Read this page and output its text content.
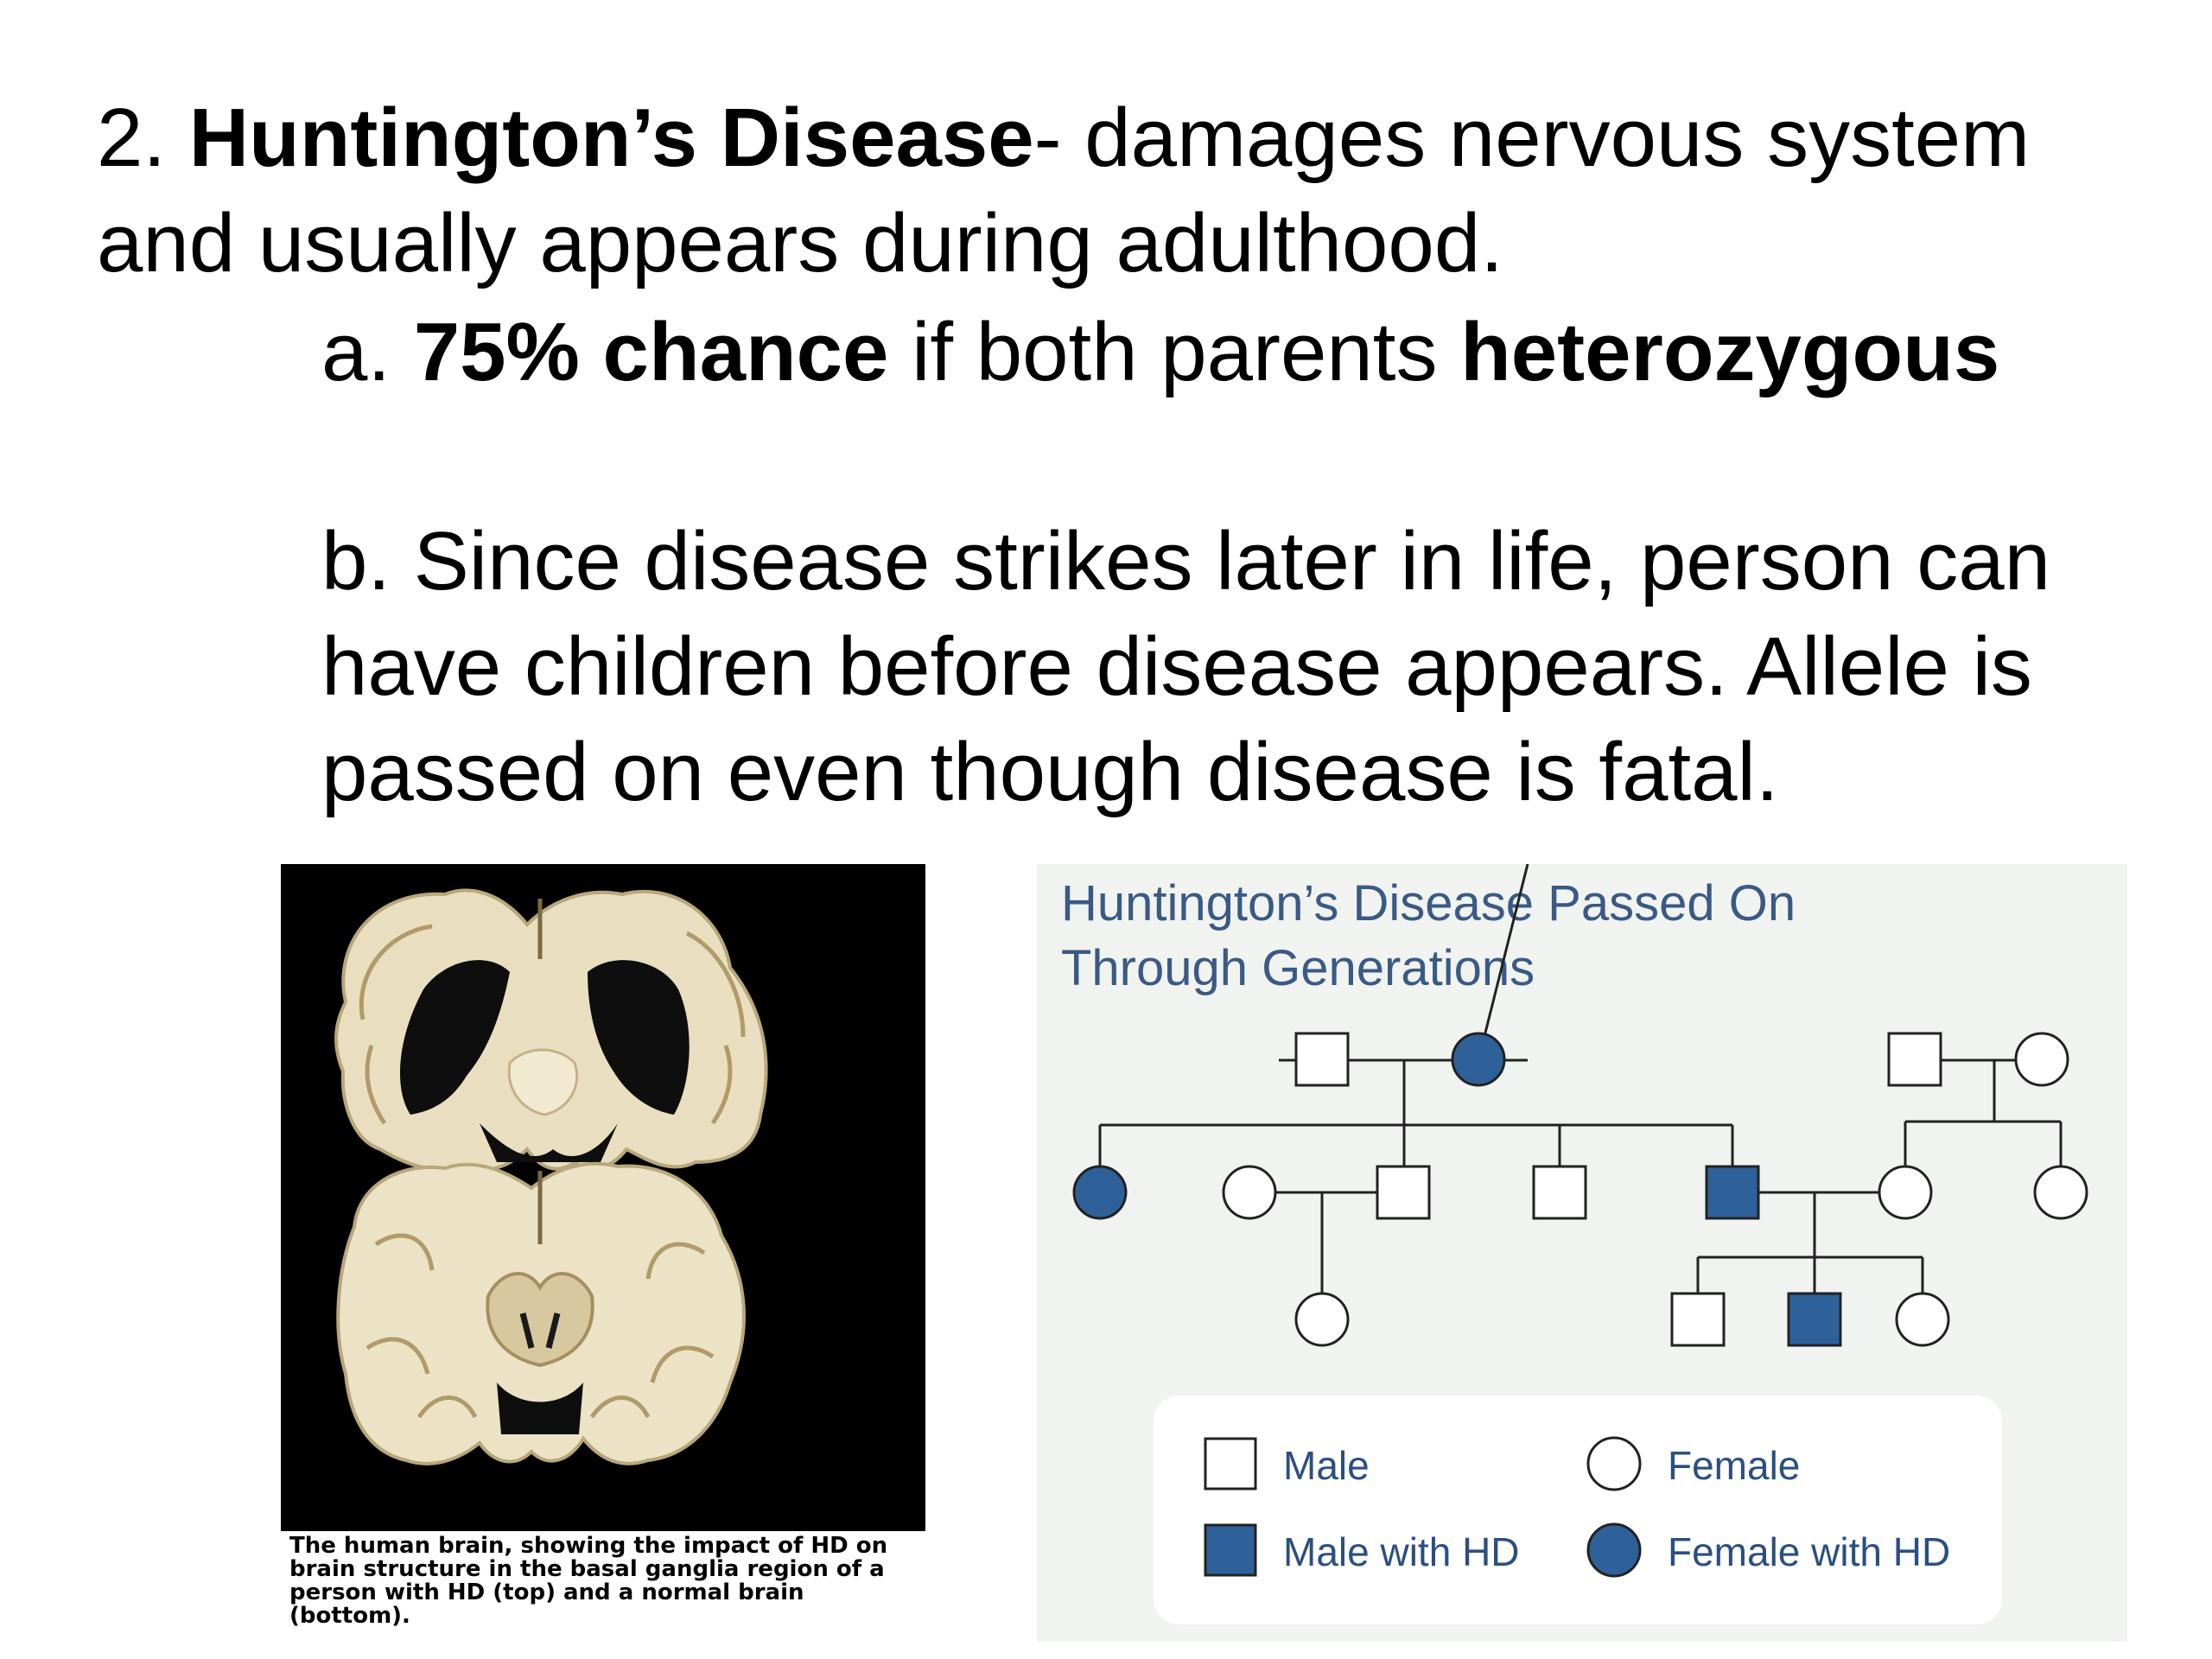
2. Huntington’s Disease- damages nervous system
and usually appears during adulthood.
a. 75% chance if both parents heterozygous
b. Since disease strikes later in life, person can
have children before disease appears. Allele is
passed on even though disease is fatal.
The human brain, showing the impact of HD on brain structure in the basal ganglia region of a person with HD (top) and a normal brain (bottom).
Huntington’s Disease Passed On
Through Generations
Male	Female
Male with HD	Female with HD
